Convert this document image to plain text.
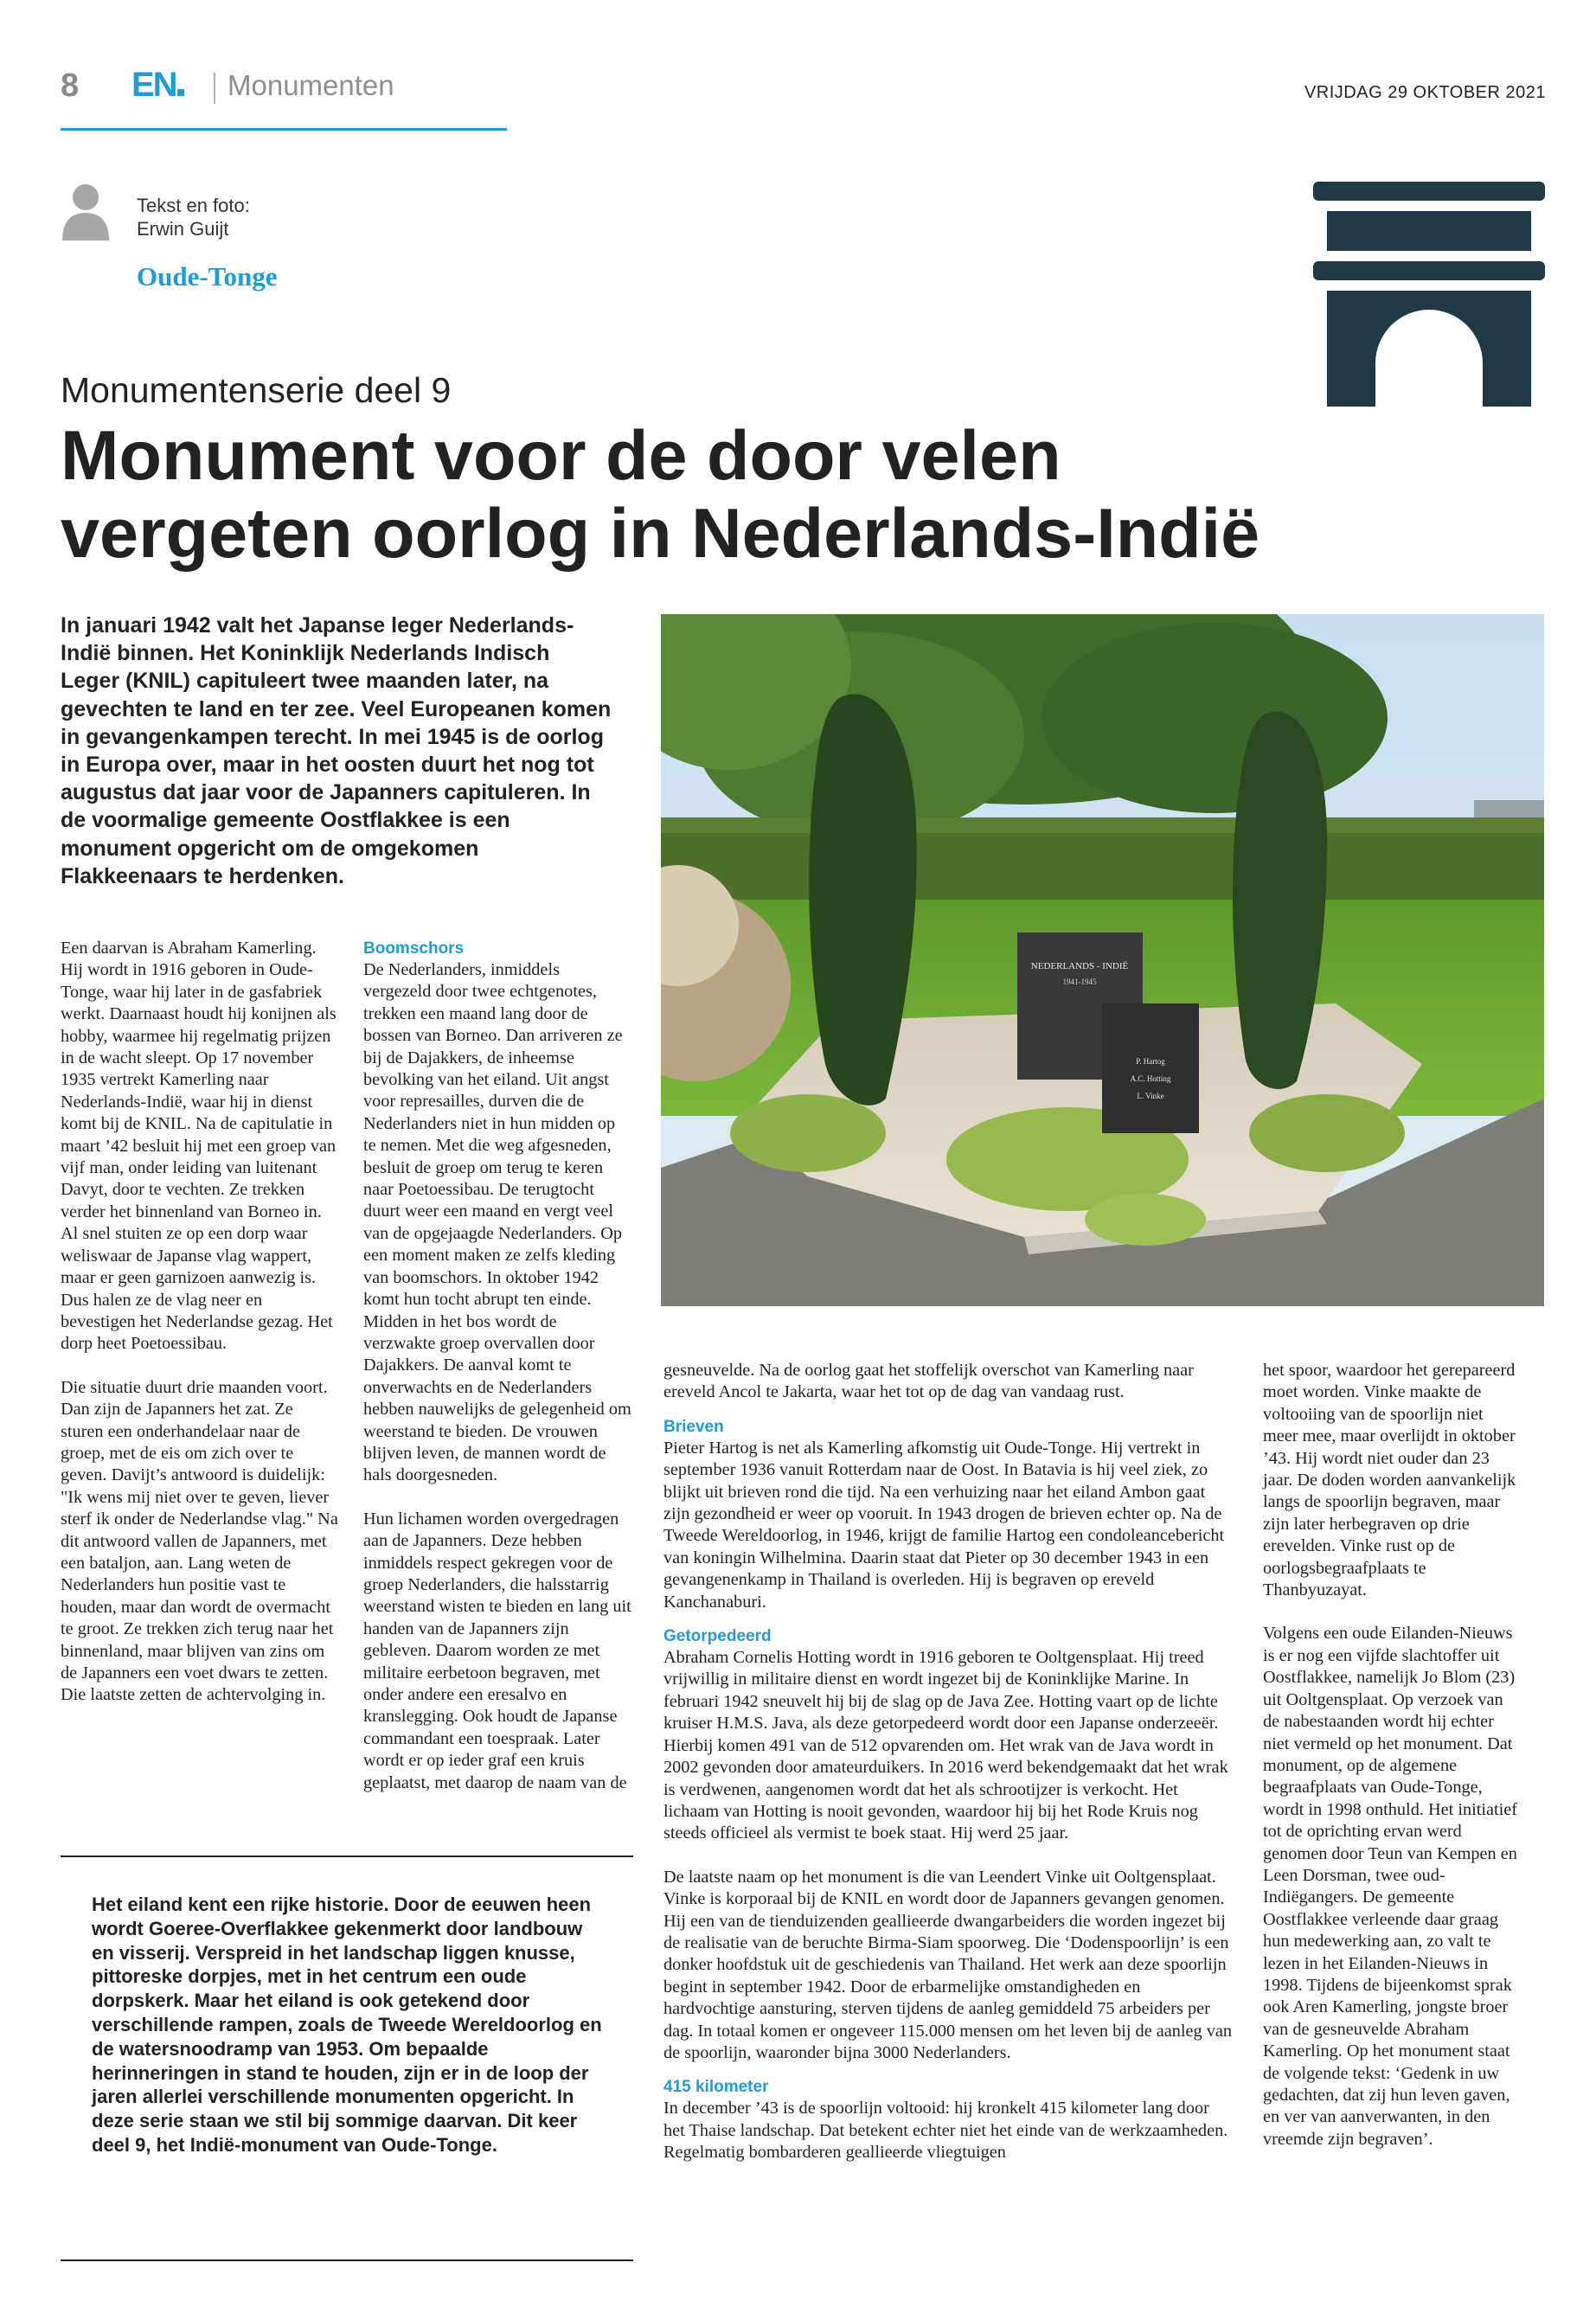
8 EN Monumenten	VRIJDAG 29 OKTOBER 2021
Tekst en foto:
Erwin Guijt
Oude-Tonge
Monumentenserie deel 9
Monument voor de door velen
vergeten oorlog in Nederlands-Indië
In januari 1942 valt het Japanse leger Nederlands-Indië binnen. Het Koninklijk Nederlands Indisch Leger (KNIL) capituleert twee maanden later, na gevechten te land en ter zee. Veel Europeanen komen in gevangenkampen terecht. In mei 1945 is de oorlog in Europa over, maar in het oosten duurt het nog tot augustus dat jaar voor de Japanners capituleren. In de voormalige gemeente Oostflakkee is een monument opgericht om de omgekomen Flakkeenaars te herdenken.
NEDERLANDS - INDIË
1941-1945
P. Hartog
A.C. Hotting
L. Vinke

Een daarvan is Abraham Kamerling. Hij wordt in 1916 geboren in Oude-Tonge, waar hij later in de gasfabriek werkt. Daarnaast houdt hij konijnen als hobby, waarmee hij regelmatig prijzen in de wacht sleept. Op 17 november 1935 vertrekt Kamerling naar Nederlands-Indië, waar hij in dienst komt bij de KNIL. Na de capitulatie in maart ’42 besluit hij met een groep van vijf man, onder leiding van luitenant Davyt, door te vechten. Ze trekken verder het binnenland van Borneo in. Al snel stuiten ze op een dorp waar weliswaar de Japanse vlag wappert, maar er geen garnizoen aanwezig is. Dus halen ze de vlag neer en bevestigen het Nederlandse gezag. Het dorp heet Poetoessibau.

Die situatie duurt drie maanden voort. Dan zijn de Japanners het zat. Ze sturen een onderhandelaar naar de groep, met de eis om zich over te geven. Davijt’s antwoord is duidelijk: "Ik wens mij niet over te geven, liever sterf ik onder de Nederlandse vlag." Na dit antwoord vallen de Japanners, met een bataljon, aan. Lang weten de Nederlanders hun positie vast te houden, maar dan wordt de overmacht te groot. Ze trekken zich terug naar het binnenland, maar blijven van zins om de Japanners een voet dwars te zetten. Die laatste zetten de achtervolging in.

Boomschors

De Nederlanders, inmiddels vergezeld door twee echtgenotes, trekken een maand lang door de bossen van Borneo. Dan arriveren ze bij de Dajakkers, de inheemse bevolking van het eiland. Uit angst voor represailles, durven die de Nederlanders niet in hun midden op te nemen. Met die weg afgesneden, besluit de groep om terug te keren naar Poetoessibau. De terugtocht duurt weer een maand en vergt veel van de opgejaagde Nederlanders. Op een moment maken ze zelfs kleding van boomschors. In oktober 1942 komt hun tocht abrupt ten einde. Midden in het bos wordt de verzwakte groep overvallen door Dajakkers. De aanval komt te onverwachts en de Nederlanders hebben nauwelijks de gelegenheid om weerstand te bieden. De vrouwen blijven leven, de mannen wordt de hals doorgesneden.

Hun lichamen worden overgedragen aan de Japanners. Deze hebben inmiddels respect gekregen voor de groep Nederlanders, die halsstarrig weerstand wisten te bieden en lang uit handen van de Japanners zijn gebleven. Daarom worden ze met militaire eerbetoon begraven, met onder andere een eresalvo en kranslegging. Ook houdt de Japanse commandant een toespraak. Later wordt er op ieder graf een kruis geplaatst, met daarop de naam van de

gesneuvelde. Na de oorlog gaat het stoffelijk overschot van Kamerling naar ereveld Ancol te Jakarta, waar het tot op de dag van vandaag rust.

Brieven

Pieter Hartog is net als Kamerling afkomstig uit Oude-Tonge. Hij vertrekt in september 1936 vanuit Rotterdam naar de Oost. In Batavia is hij veel ziek, zo blijkt uit brieven rond die tijd. Na een verhuizing naar het eiland Ambon gaat zijn gezondheid er weer op vooruit. In 1943 drogen de brieven echter op. Na de Tweede Wereldoorlog, in 1946, krijgt de familie Hartog een condoleancebericht van koningin Wilhelmina. Daarin staat dat Pieter op 30 december 1943 in een gevangenenkamp in Thailand is overleden. Hij is begraven op ereveld Kanchanaburi.

Getorpedeerd

Abraham Cornelis Hotting wordt in 1916 geboren te Ooltgensplaat. Hij treed vrijwillig in militaire dienst en wordt ingezet bij de Koninklijke Marine. In februari 1942 sneuvelt hij bij de slag op de Java Zee. Hotting vaart op de lichte kruiser H.M.S. Java, als deze getorpedeerd wordt door een Japanse onderzeeër. Hierbij komen 491 van de 512 opvarenden om. Het wrak van de Java wordt in 2002 gevonden door amateurduikers. In 2016 werd bekendgemaakt dat het wrak is verdwenen, aangenomen wordt dat het als schrootijzer is verkocht. Het lichaam van Hotting is nooit gevonden, waardoor hij bij het Rode Kruis nog steeds officieel als vermist te boek staat. Hij werd 25 jaar.

De laatste naam op het monument is die van Leendert Vinke uit Ooltgensplaat. Vinke is korporaal bij de KNIL en wordt door de Japanners gevangen genomen. Hij een van de tienduizenden geallieerde dwangarbeiders die worden ingezet bij de realisatie van de beruchte Birma-Siam spoorweg. Die ‘Dodenspoorlijn’ is een donker hoofdstuk uit de geschiedenis van Thailand. Het werk aan deze spoorlijn begint in september 1942. Door de erbarmelijke omstandigheden en hardvochtige aansturing, sterven tijdens de aanleg gemiddeld 75 arbeiders per dag. In totaal komen er ongeveer 115.000 mensen om het leven bij de aanleg van de spoorlijn, waaronder bijna 3000 Nederlanders.

415 kilometer

In december ’43 is de spoorlijn voltooid: hij kronkelt 415 kilometer lang door het Thaise landschap. Dat betekent echter niet het einde van de werkzaamheden. Regelmatig bombarderen geallieerde vliegtuigen

het spoor, waardoor het gerepareerd moet worden. Vinke maakte de voltooiing van de spoorlijn niet meer mee, maar overlijdt in oktober ’43. Hij wordt niet ouder dan 23 jaar. De doden worden aanvankelijk langs de spoorlijn begraven, maar zijn later herbegraven op drie erevelden. Vinke rust op de oorlogsbegraafplaats te Thanbyuzayat.

Volgens een oude Eilanden-Nieuws is er nog een vijfde slachtoffer uit Oostflakkee, namelijk Jo Blom (23) uit Ooltgensplaat. Op verzoek van de nabestaanden wordt hij echter niet vermeld op het monument. Dat monument, op de algemene begraafplaats van Oude-Tonge, wordt in 1998 onthuld. Het initiatief tot de oprichting ervan werd genomen door Teun van Kempen en Leen Dorsman, twee oud-Indiëgangers. De gemeente Oostflakkee verleende daar graag hun medewerking aan, zo valt te lezen in het Eilanden-Nieuws in 1998. Tijdens de bijeenkomst sprak ook Aren Kamerling, jongste broer van de gesneuvelde Abraham Kamerling. Op het monument staat de volgende tekst: ‘Gedenk in uw gedachten, dat zij hun leven gaven, en ver van aanverwanten, in den vreemde zijn begraven’.

Het eiland kent een rijke historie. Door de eeuwen heen wordt Goeree-Overflakkee gekenmerkt door landbouw en visserij. Verspreid in het landschap liggen knusse, pittoreske dorpjes, met in het centrum een oude dorpskerk. Maar het eiland is ook getekend door verschillende rampen, zoals de Tweede Wereldoorlog en de watersnoodramp van 1953. Om bepaalde herinneringen in stand te houden, zijn er in de loop der jaren allerlei verschillende monumenten opgericht. In deze serie staan we stil bij sommige daarvan. Dit keer deel 9, het Indië-monument van Oude-Tonge.
